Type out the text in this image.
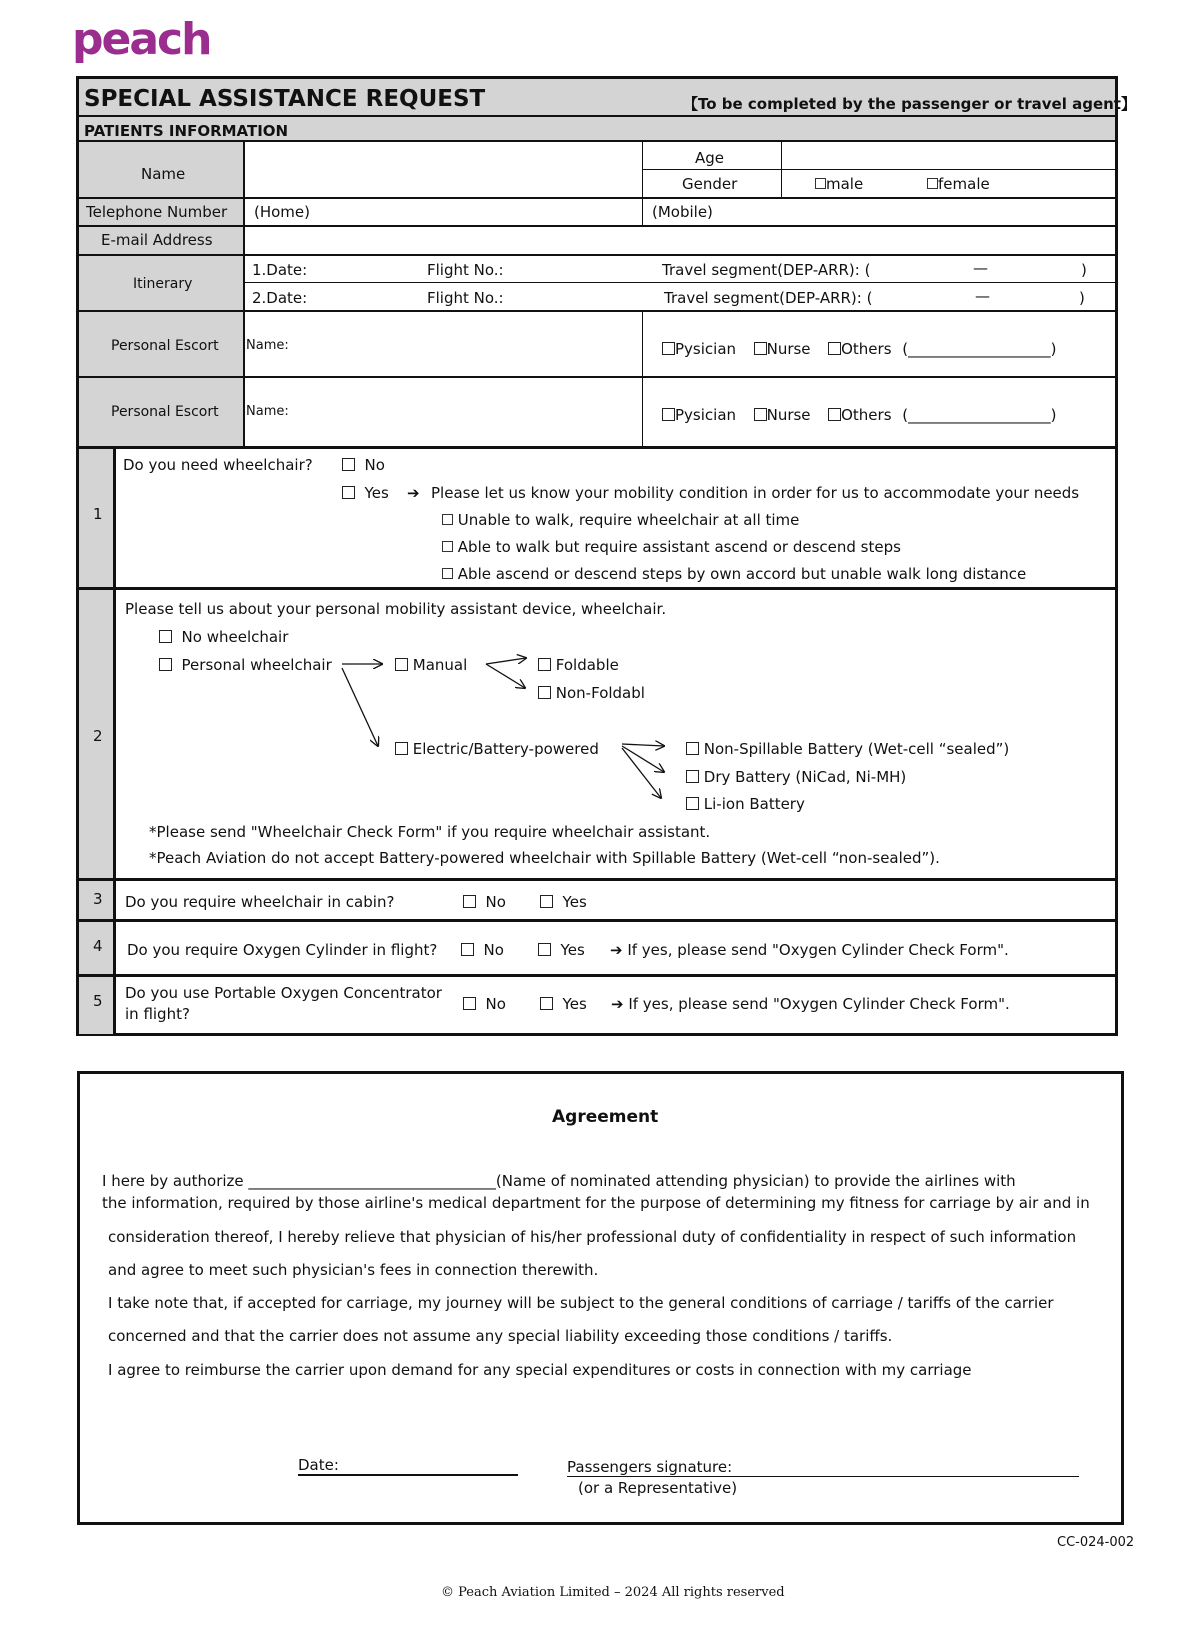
peach
SPECIAL ASSISTANCE REQUEST	【To be completed by the passenger or travel agent】
PATIENTS INFORMATION
Name
Age
Gender	male	female
Telephone Number (Home)	(Mobile)
E-mail Address
Itinerary
1.Date:	Flight No.:	Travel segment(DEP-ARR): (	—	)
2.Date:	Flight No.:	Travel segment(DEP-ARR): (	—	)
Personal Escort Name:	Pysician Nurse Others (___________________)
Personal Escort Name:	Pysician Nurse Others (___________________)
1
Do you need wheelchair?	No
Yes ➔ Please let us know your mobility condition in order for us to accommodate your needs
Unable to walk, require wheelchair at all time
Able to walk but require assistant ascend or descend steps
Able ascend or descend steps by own accord but unable walk long distance
2
Please tell us about your personal mobility assistant device, wheelchair.
No wheelchair
Personal wheelchair	Manual	Foldable
Non-Foldabl
Electric/Battery-powered	Non-Spillable Battery (Wet-cell “sealed”)
Dry Battery (NiCad, Ni-MH)
Li-ion Battery
*Please send "Wheelchair Check Form" if you require wheelchair assistant.
*Peach Aviation do not accept Battery-powered wheelchair with Spillable Battery (Wet-cell “non-sealed”).
3 Do you require wheelchair in cabin?	No	Yes
4 Do you require Oxygen Cylinder in flight?	No	Yes ➔ If yes, please send "Oxygen Cylinder Check Form".
5 Do you use Portable Oxygen Concentrator
in flight?
No	Yes ➔ If yes, please send "Oxygen Cylinder Check Form".
Agreement
I here by authorize _________________________________(Name of nominated attending physician) to provide the airlines with
the information, required by those airline's medical department for the purpose of determining my fitness for carriage by air and in
consideration thereof, I hereby relieve that physician of his/her professional duty of confidentiality in respect of such information
and agree to meet such physician's fees in connection therewith.
I take note that, if accepted for carriage, my journey will be subject to the general conditions of carriage / tariffs of the carrier
concerned and that the carrier does not assume any special liability exceeding those conditions / tariffs.
I agree to reimburse the carrier upon demand for any special expenditures or costs in connection with my carriage
Date:	Passengers signature:
(or a Representative)
CC-024-002
© Peach Aviation Limited – 2024 All rights reserved
